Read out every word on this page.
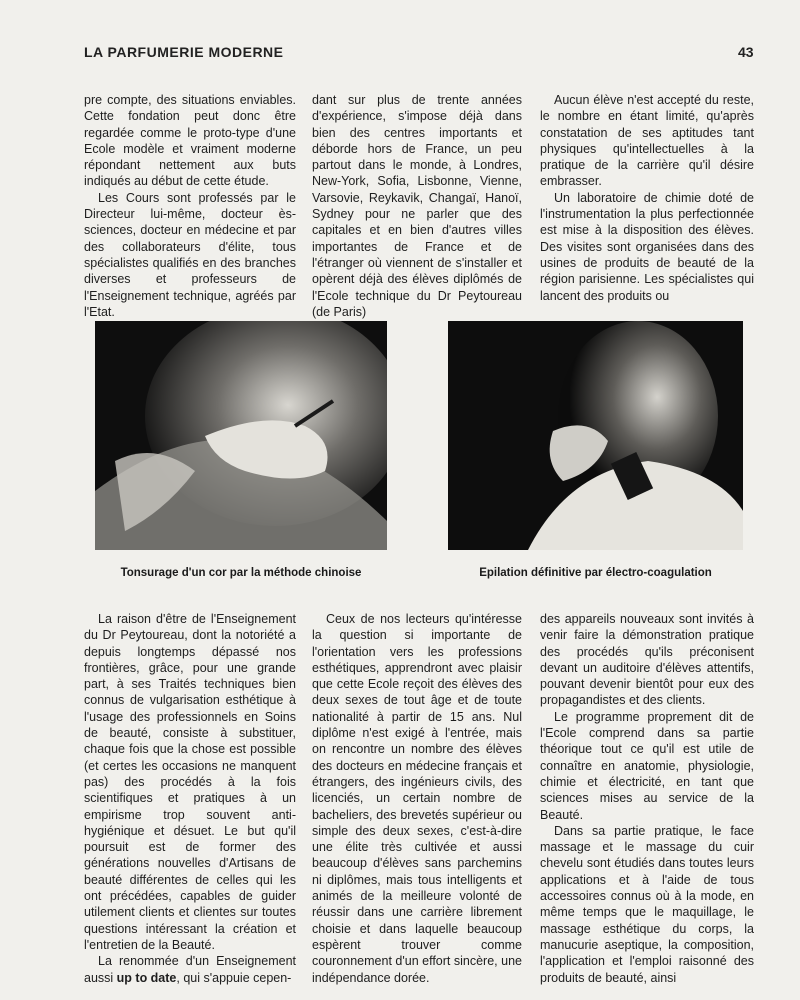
LA PARFUMERIE MODERNE	43

pre compte, des situations enviables. Cette fondation peut donc être regardée comme le proto-type d'une Ecole modèle et vraiment moderne répondant nettement aux buts indiqués au début de cette étude.

Les Cours sont professés par le Directeur lui-même, docteur ès-sciences, docteur en médecine et par des collaborateurs d'élite, tous spécialistes qualifiés en des branches diverses et professeurs de l'Enseignement technique, agréés par l'Etat.

dant sur plus de trente années d'expérience, s'impose déjà dans bien des centres importants et déborde hors de France, un peu partout dans le monde, à Londres, New-York, Sofia, Lisbonne, Vienne, Varsovie, Reykavik, Changaï, Hanoï, Sydney pour ne parler que des capitales et en bien d'autres villes importantes de France et de l'étranger où viennent de s'installer et opèrent déjà des élèves diplômés de l'Ecole technique du Dr Peytoureau (de Paris)

Aucun élève n'est accepté du reste, le nombre en étant limité, qu'après constatation de ses aptitudes tant physiques qu'intellectuelles à la pratique de la carrière qu'il désire embrasser.

Un laboratoire de chimie doté de l'instrumentation la plus perfectionnée est mise à la disposition des élèves. Des visites sont organisées dans des usines de produits de beauté de la région parisienne. Les spécialistes qui lancent des produits ou

Tonsurage d'un cor par la méthode chinoise	Epilation définitive par électro-coagulation

La raison d'être de l'Enseignement du Dr Peytoureau, dont la notoriété a depuis longtemps dépassé nos frontières, grâce, pour une grande part, à ses Traités techniques bien connus de vulgarisation esthétique à l'usage des professionnels en Soins de beauté, consiste à substituer, chaque fois que la chose est possible (et certes les occasions ne manquent pas) des procédés à la fois scientifiques et pratiques à un empirisme trop souvent anti-hygiénique et désuet. Le but qu'il poursuit est de former des générations nouvelles d'Artisans de beauté différentes de celles qui les ont précédées, capables de guider utilement clients et clientes sur toutes questions intéressant la création et l'entretien de la Beauté.

La renommée d'un Enseignement aussi up to date, qui s'appuie cepen-

Ceux de nos lecteurs qu'intéresse la question si importante de l'orientation vers les professions esthétiques, apprendront avec plaisir que cette Ecole reçoit des élèves des deux sexes de tout âge et de toute nationalité à partir de 15 ans. Nul diplôme n'est exigé à l'entrée, mais on rencontre un nombre des élèves des docteurs en médecine français et étrangers, des ingénieurs civils, des licenciés, un certain nombre de bacheliers, des brevetés supérieur ou simple des deux sexes, c'est-à-dire une élite très cultivée et aussi beaucoup d'élèves sans parchemins ni diplômes, mais tous intelligents et animés de la meilleure volonté de réussir dans une carrière librement choisie et dans laquelle beaucoup espèrent trouver comme couronnement d'un effort sincère, une indépendance dorée.

des appareils nouveaux sont invités à venir faire la démonstration pratique des procédés qu'ils préconisent devant un auditoire d'élèves attentifs, pouvant devenir bientôt pour eux des propagandistes et des clients.

Le programme proprement dit de l'Ecole comprend dans sa partie théorique tout ce qu'il est utile de connaître en anatomie, physiologie, chimie et électricité, en tant que sciences mises au service de la Beauté.

Dans sa partie pratique, le face massage et le massage du cuir chevelu sont étudiés dans toutes leurs applications et à l'aide de tous accessoires connus où à la mode, en même temps que le maquillage, le massage esthétique du corps, la manucurie aseptique, la composition, l'application et l'emploi raisonné des produits de beauté, ainsi
